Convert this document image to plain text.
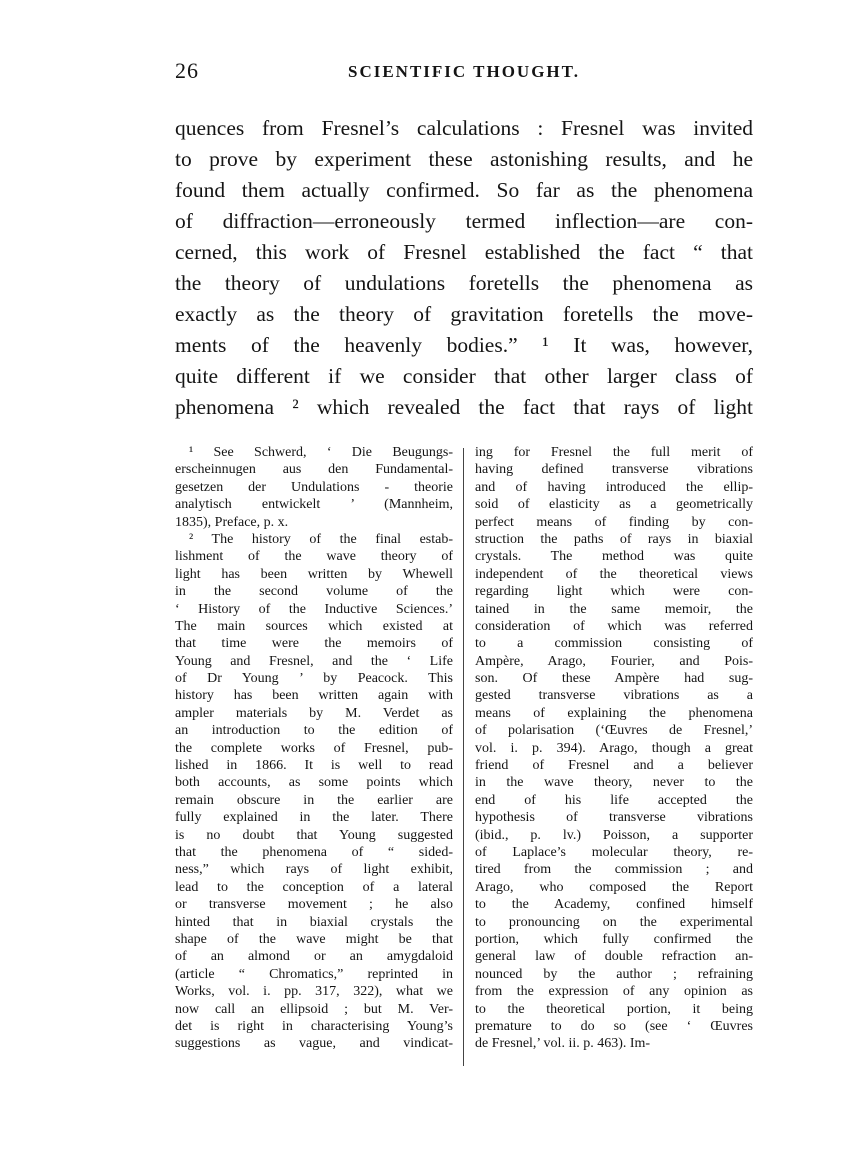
26	SCIENTIFIC THOUGHT.
quences from Fresnel’s calculations : Fresnel was invited
to prove by experiment these astonishing results, and he
found them actually confirmed. So far as the phenomena
of diffraction—erroneously termed inflection—are con-
cerned, this work of Fresnel established the fact “ that
the theory of undulations foretells the phenomena as
exactly as the theory of gravitation foretells the move-
ments of the heavenly bodies.” ¹ It was, however,
quite different if we consider that other larger class of
phenomena ² which revealed the fact that rays of light
¹ See Schwerd, ‘ Die Beugungs-
erscheinnugen aus den Fundamental-
gesetzen der Undulations - theorie
analytisch entwickelt ’ (Mannheim,
1835), Preface, p. x.
² The history of the final estab-
lishment of the wave theory of
light has been written by Whewell
in the second volume of the
‘ History of the Inductive Sciences.’
The main sources which existed at
that time were the memoirs of
Young and Fresnel, and the ‘ Life
of Dr Young ’ by Peacock. This
history has been written again with
ampler materials by M. Verdet as
an introduction to the edition of
the complete works of Fresnel, pub-
lished in 1866. It is well to read
both accounts, as some points which
remain obscure in the earlier are
fully explained in the later. There
is no doubt that Young suggested
that the phenomena of “ sided-
ness,” which rays of light exhibit,
lead to the conception of a lateral
or transverse movement ; he also
hinted that in biaxial crystals the
shape of the wave might be that
of an almond or an amygdaloid
(article “ Chromatics,” reprinted in
Works, vol. i. pp. 317, 322), what we
now call an ellipsoid ; but M. Ver-
det is right in characterising Young’s
suggestions as vague, and vindicat-
ing for Fresnel the full merit of
having defined transverse vibrations
and of having introduced the ellip-
soid of elasticity as a geometrically
perfect means of finding by con-
struction the paths of rays in biaxial
crystals. The method was quite
independent of the theoretical views
regarding light which were con-
tained in the same memoir, the
consideration of which was referred
to a commission consisting of
Ampère, Arago, Fourier, and Pois-
son. Of these Ampère had sug-
gested transverse vibrations as a
means of explaining the phenomena
of polarisation (‘Œuvres de Fresnel,’
vol. i. p. 394). Arago, though a great
friend of Fresnel and a believer
in the wave theory, never to the
end of his life accepted the
hypothesis of transverse vibrations
(ibid., p. lv.) Poisson, a supporter
of Laplace’s molecular theory, re-
tired from the commission ; and
Arago, who composed the Report
to the Academy, confined himself
to pronouncing on the experimental
portion, which fully confirmed the
general law of double refraction an-
nounced by the author ; refraining
from the expression of any opinion as
to the theoretical portion, it being
premature to do so (see ‘ Œuvres
de Fresnel,’ vol. ii. p. 463). Im-
